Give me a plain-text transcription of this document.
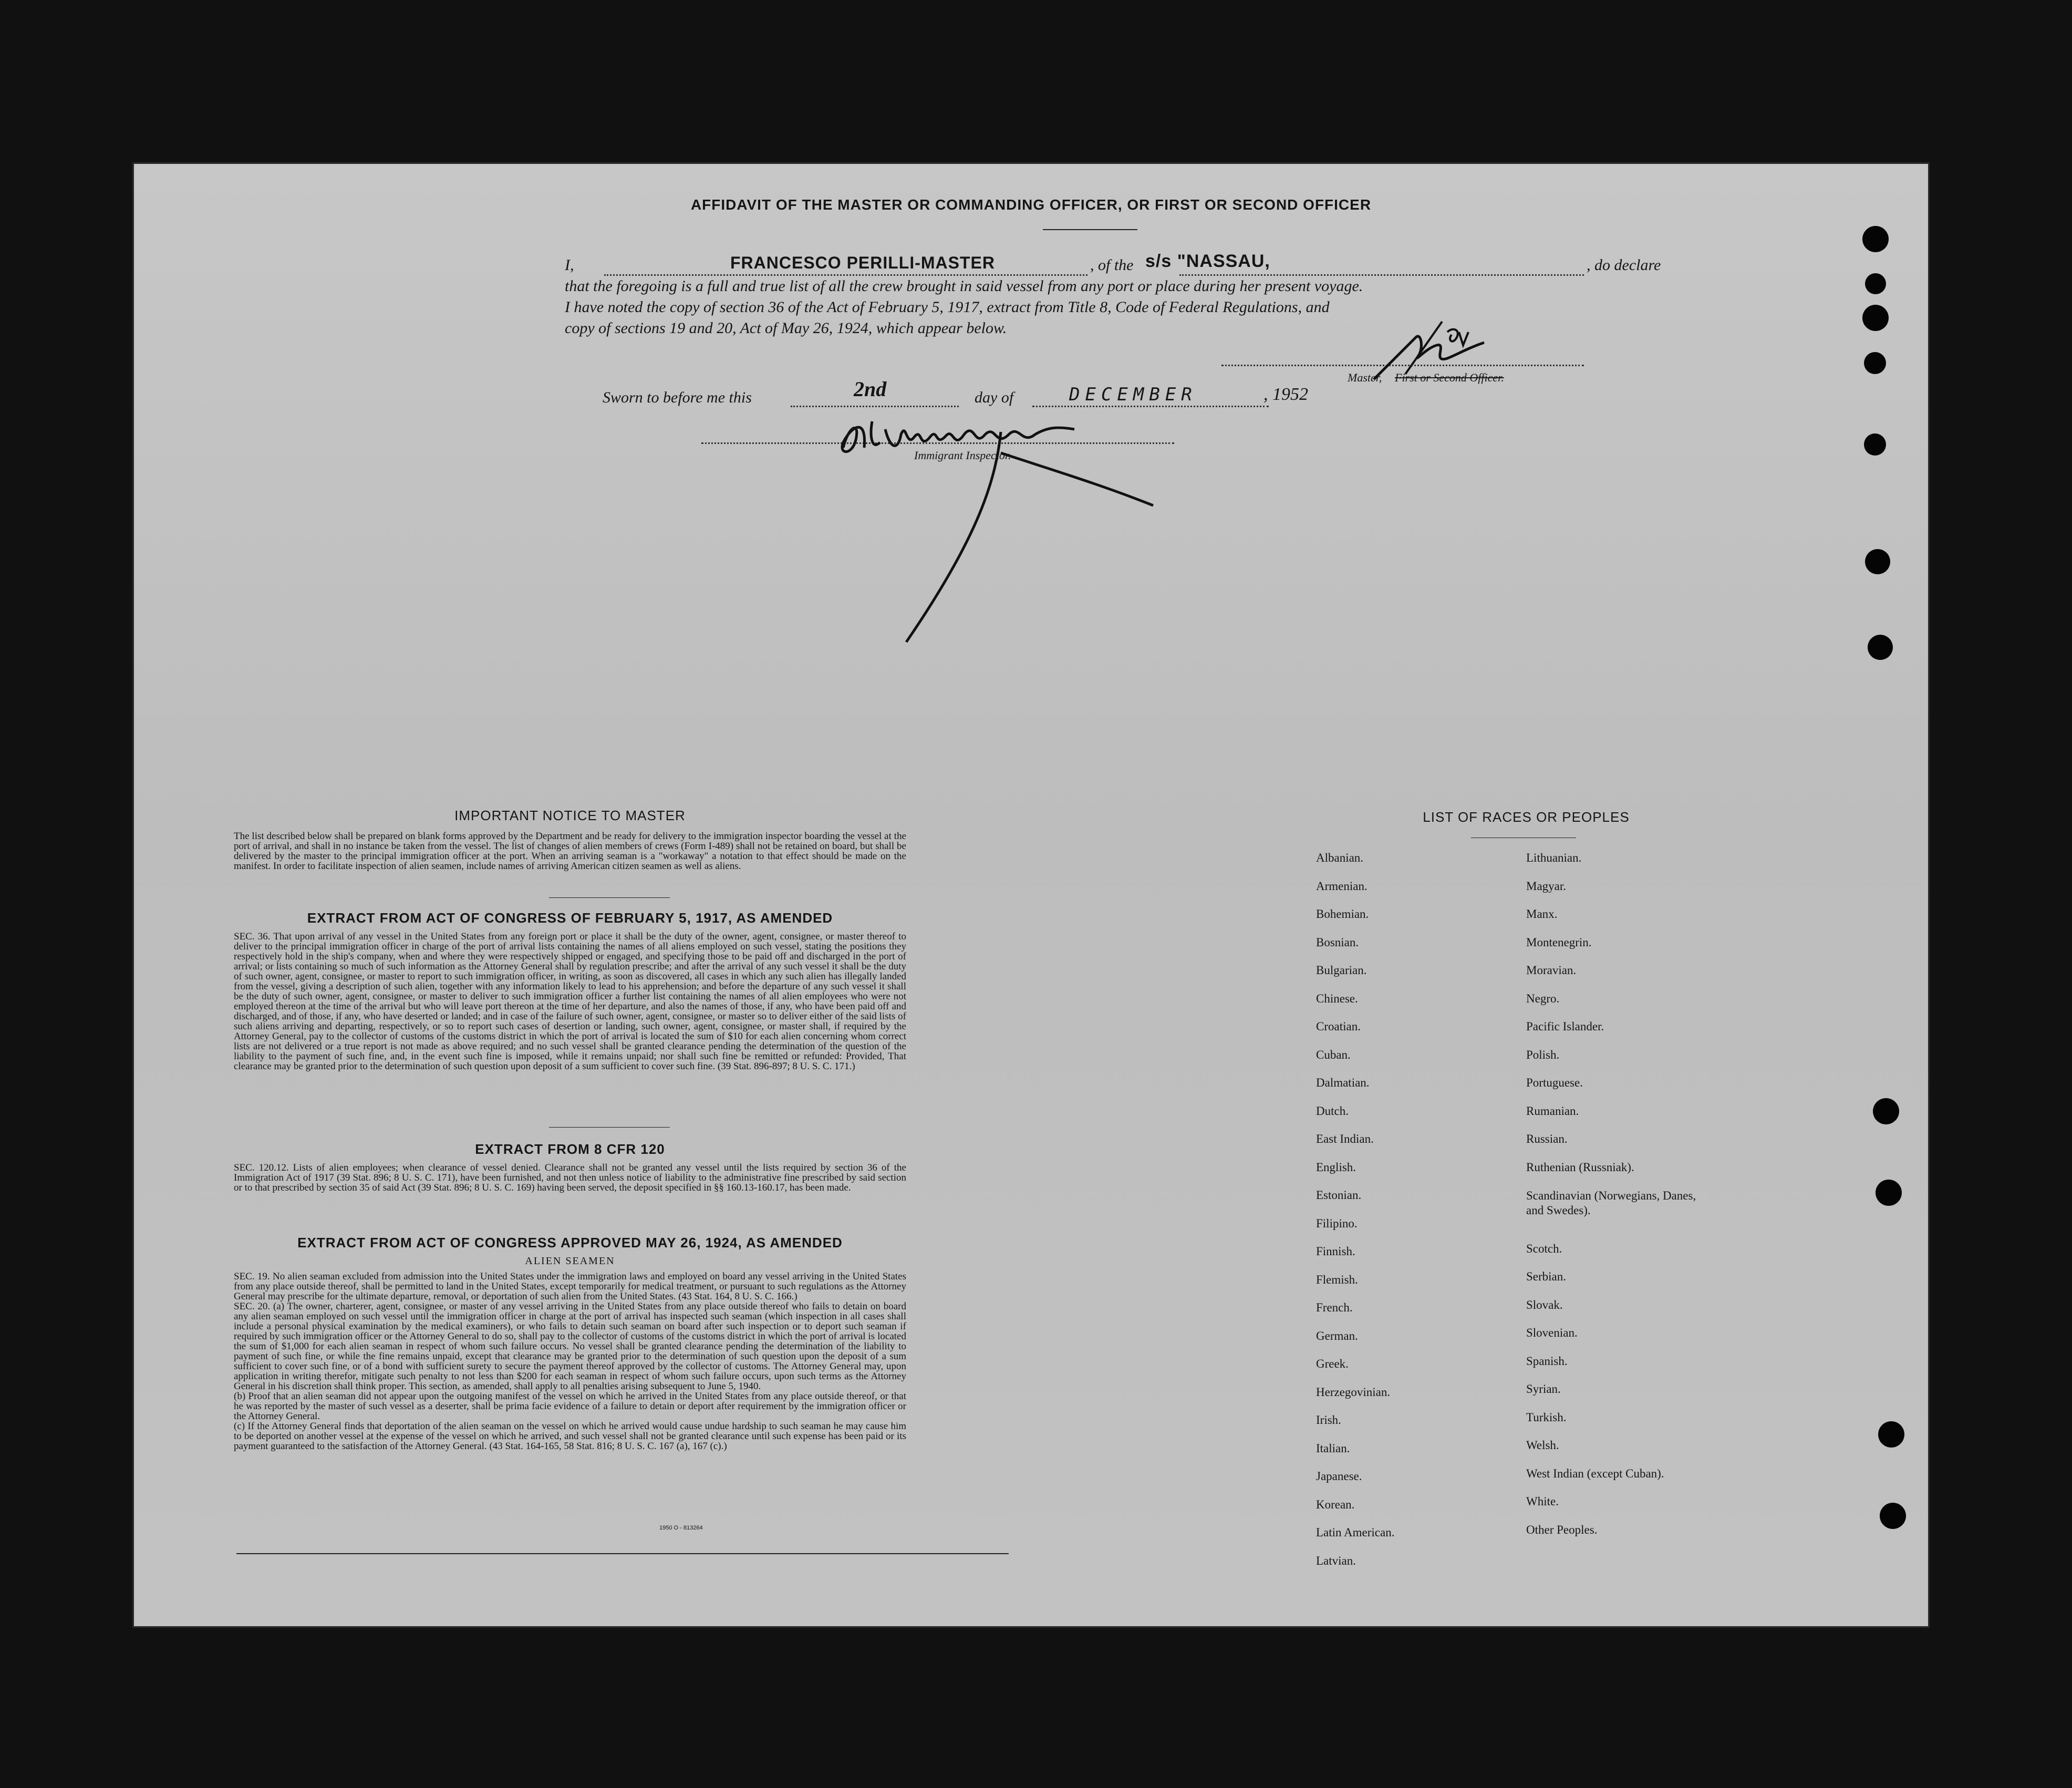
AFFIDAVIT OF THE MASTER OR COMMANDING OFFICER, OR FIRST OR SECOND OFFICER
I,	FRANCESCO PERILLI-MASTER	, of the s/s "NASSAU,	, do declare
that the foregoing is a full and true list of all the crew brought in said vessel from any port or place during her present voyage.
I have noted the copy of section 36 of the Act of February 5, 1917, extract from Title 8, Code of Federal Regulations, and
copy of sections 19 and 20, Act of May 26, 1924, which appear below.
Master,	First or Second Officer.
Sworn to before me this	2nd	day of	DECEMBER	, 1952
Immigrant Inspector.
IMPORTANT NOTICE TO MASTER
The list described below shall be prepared on blank forms approved by the Department and be ready for delivery to the immigration inspector boarding the vessel at the port of arrival, and shall in no instance be taken from the vessel. The list of changes of alien members of crews (Form I-489) shall not be retained on board, but shall be delivered by the master to the principal immigration officer at the port. When an arriving seaman is a "workaway" a notation to that effect should be made on the manifest. In order to facilitate inspection of alien seamen, include names of arriving American citizen seamen as well as aliens.
EXTRACT FROM ACT OF CONGRESS OF FEBRUARY 5, 1917, AS AMENDED
SEC. 36. That upon arrival of any vessel in the United States from any foreign port or place it shall be the duty of the owner, agent, consignee, or master thereof to deliver to the principal immigration officer in charge of the port of arrival lists containing the names of all aliens employed on such vessel, stating the positions they respectively hold in the ship's company, when and where they were respectively shipped or engaged, and specifying those to be paid off and discharged in the port of arrival; or lists containing so much of such information as the Attorney General shall by regulation prescribe; and after the arrival of any such vessel it shall be the duty of such owner, agent, consignee, or master to report to such immigration officer, in writing, as soon as discovered, all cases in which any such alien has illegally landed from the vessel, giving a description of such alien, together with any information likely to lead to his apprehension; and before the departure of any such vessel it shall be the duty of such owner, agent, consignee, or master to deliver to such immigration officer a further list containing the names of all alien employees who were not employed thereon at the time of the arrival but who will leave port thereon at the time of her departure, and also the names of those, if any, who have been paid off and discharged, and of those, if any, who have deserted or landed; and in case of the failure of such owner, agent, consignee, or master so to deliver either of the said lists of such aliens arriving and departing, respectively, or so to report such cases of desertion or landing, such owner, agent, consignee, or master shall, if required by the Attorney General, pay to the collector of customs of the customs district in which the port of arrival is located the sum of $10 for each alien concerning whom correct lists are not delivered or a true report is not made as above required; and no such vessel shall be granted clearance pending the determination of the question of the liability to the payment of such fine, and, in the event such fine is imposed, while it remains unpaid; nor shall such fine be remitted or refunded: Provided, That clearance may be granted prior to the determination of such question upon deposit of a sum sufficient to cover such fine. (39 Stat. 896-897; 8 U. S. C. 171.)
EXTRACT FROM 8 CFR 120
SEC. 120.12. Lists of alien employees; when clearance of vessel denied. Clearance shall not be granted any vessel until the lists required by section 36 of the Immigration Act of 1917 (39 Stat. 896; 8 U. S. C. 171), have been furnished, and not then unless notice of liability to the administrative fine prescribed by said section or to that prescribed by section 35 of said Act (39 Stat. 896; 8 U. S. C. 169) having been served, the deposit specified in §§ 160.13-160.17, has been made.
EXTRACT FROM ACT OF CONGRESS APPROVED MAY 26, 1924, AS AMENDED
ALIEN SEAMEN
SEC. 19. No alien seaman excluded from admission into the United States under the immigration laws and employed on board any vessel arriving in the United States from any place outside thereof, shall be permitted to land in the United States, except temporarily for medical treatment, or pursuant to such regulations as the Attorney General may prescribe for the ultimate departure, removal, or deportation of such alien from the United States. (43 Stat. 164, 8 U. S. C. 166.)
SEC. 20. (a) The owner, charterer, agent, consignee, or master of any vessel arriving in the United States from any place outside thereof who fails to detain on board any alien seaman employed on such vessel until the immigration officer in charge at the port of arrival has inspected such seaman (which inspection in all cases shall include a personal physical examination by the medical examiners), or who fails to detain such seaman on board after such inspection or to deport such seaman if required by such immigration officer or the Attorney General to do so, shall pay to the collector of customs of the customs district in which the port of arrival is located the sum of $1,000 for each alien seaman in respect of whom such failure occurs. No vessel shall be granted clearance pending the determination of the liability to payment of such fine, or while the fine remains unpaid, except that clearance may be granted prior to the determination of such question upon the deposit of a sum sufficient to cover such fine, or of a bond with sufficient surety to secure the payment thereof approved by the collector of customs. The Attorney General may, upon application in writing therefor, mitigate such penalty to not less than $200 for each seaman in respect of whom such failure occurs, upon such terms as the Attorney General in his discretion shall think proper. This section, as amended, shall apply to all penalties arising subsequent to June 5, 1940.
(b) Proof that an alien seaman did not appear upon the outgoing manifest of the vessel on which he arrived in the United States from any place outside thereof, or that he was reported by the master of such vessel as a deserter, shall be prima facie evidence of a failure to detain or deport after requirement by the immigration officer or the Attorney General.
(c) If the Attorney General finds that deportation of the alien seaman on the vessel on which he arrived would cause undue hardship to such seaman he may cause him to be deported on another vessel at the expense of the vessel on which he arrived, and such vessel shall not be granted clearance until such expense has been paid or its payment guaranteed to the satisfaction of the Attorney General. (43 Stat. 164-165, 58 Stat. 816; 8 U. S. C. 167 (a), 167 (c).)
1950 O - 813264
LIST OF RACES OR PEOPLES
Albanian.
Armenian.
Bohemian.
Bosnian.
Bulgarian.
Chinese.
Croatian.
Cuban.
Dalmatian.
Dutch.
East Indian.
English.
Estonian.
Filipino.
Finnish.
Flemish.
French.
German.
Greek.
Herzegovinian.
Irish.
Italian.
Japanese.
Korean.
Latin American.
Latvian.
Lithuanian.
Magyar.
Manx.
Montenegrin.
Moravian.
Negro.
Pacific Islander.
Polish.
Portuguese.
Rumanian.
Russian.
Ruthenian (Russniak).
Scandinavian (Norwegians, Danes, and Swedes).
Scotch.
Serbian.
Slovak.
Slovenian.
Spanish.
Syrian.
Turkish.
Welsh.
West Indian (except Cuban).
White.
Other Peoples.
